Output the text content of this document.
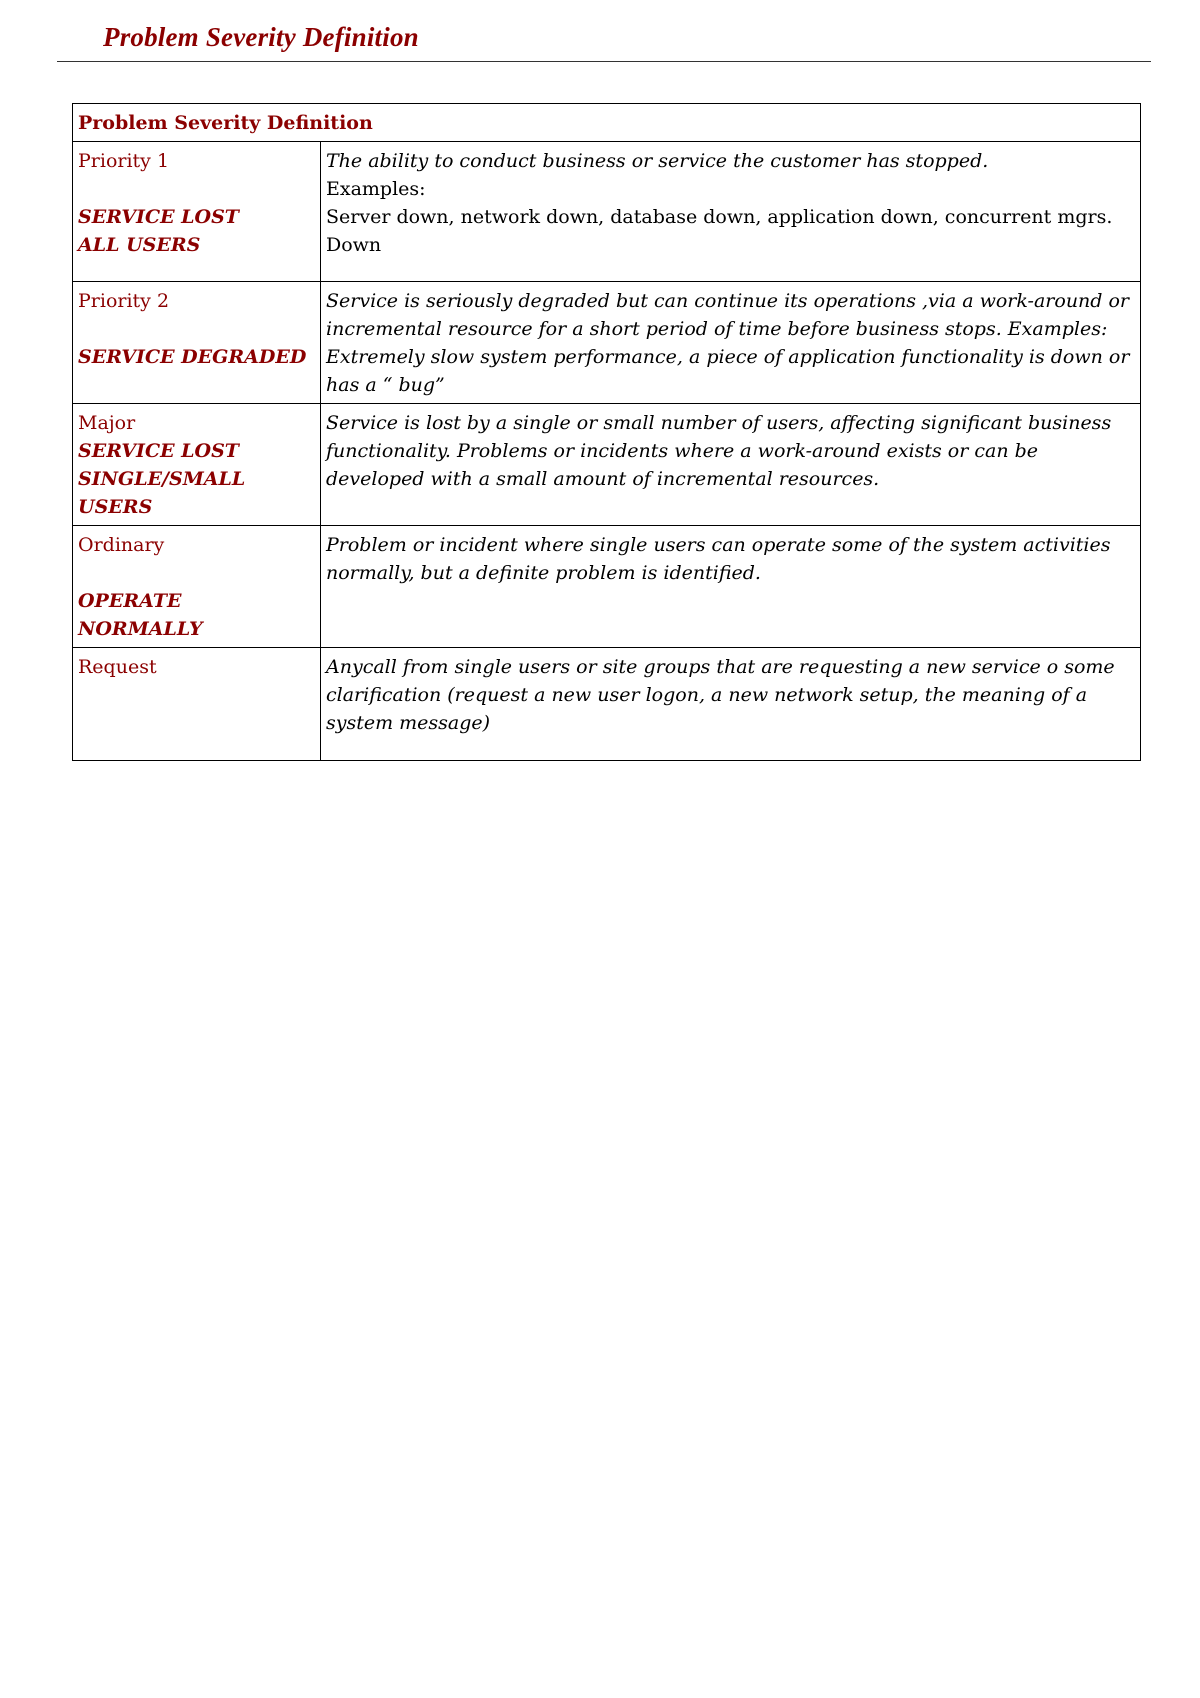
Problem Severity Definition
Problem Severity Definition	

Priority 1
SERVICE LOST ALL USERS	The ability to conduct business or service the customer has stopped.
Examples:
Server down, network down, database down, application down, concurrent mgrs. Down

Priority 2
SERVICE DEGRADED	Service is seriously degraded but can continue its operations ,via a work-around or incremental resource for a short period of time before business stops. Examples: Extremely slow system performance, a piece of application functionality is down or has a “ bug”

Major
SERVICE LOST SINGLE/SMALL USERS	Service is lost by a single or small number of users, affecting significant business functionality. Problems or incidents where a work-around exists or can be developed with a small amount of incremental resources.

Ordinary
OPERATE NORMALLY	Problem or incident where single users can operate some of the system activities normally, but a definite problem is identified.

Request	Anycall from single users or site groups that are requesting a new service o some clarification (request a new user logon, a new network setup, the meaning of a system message)
